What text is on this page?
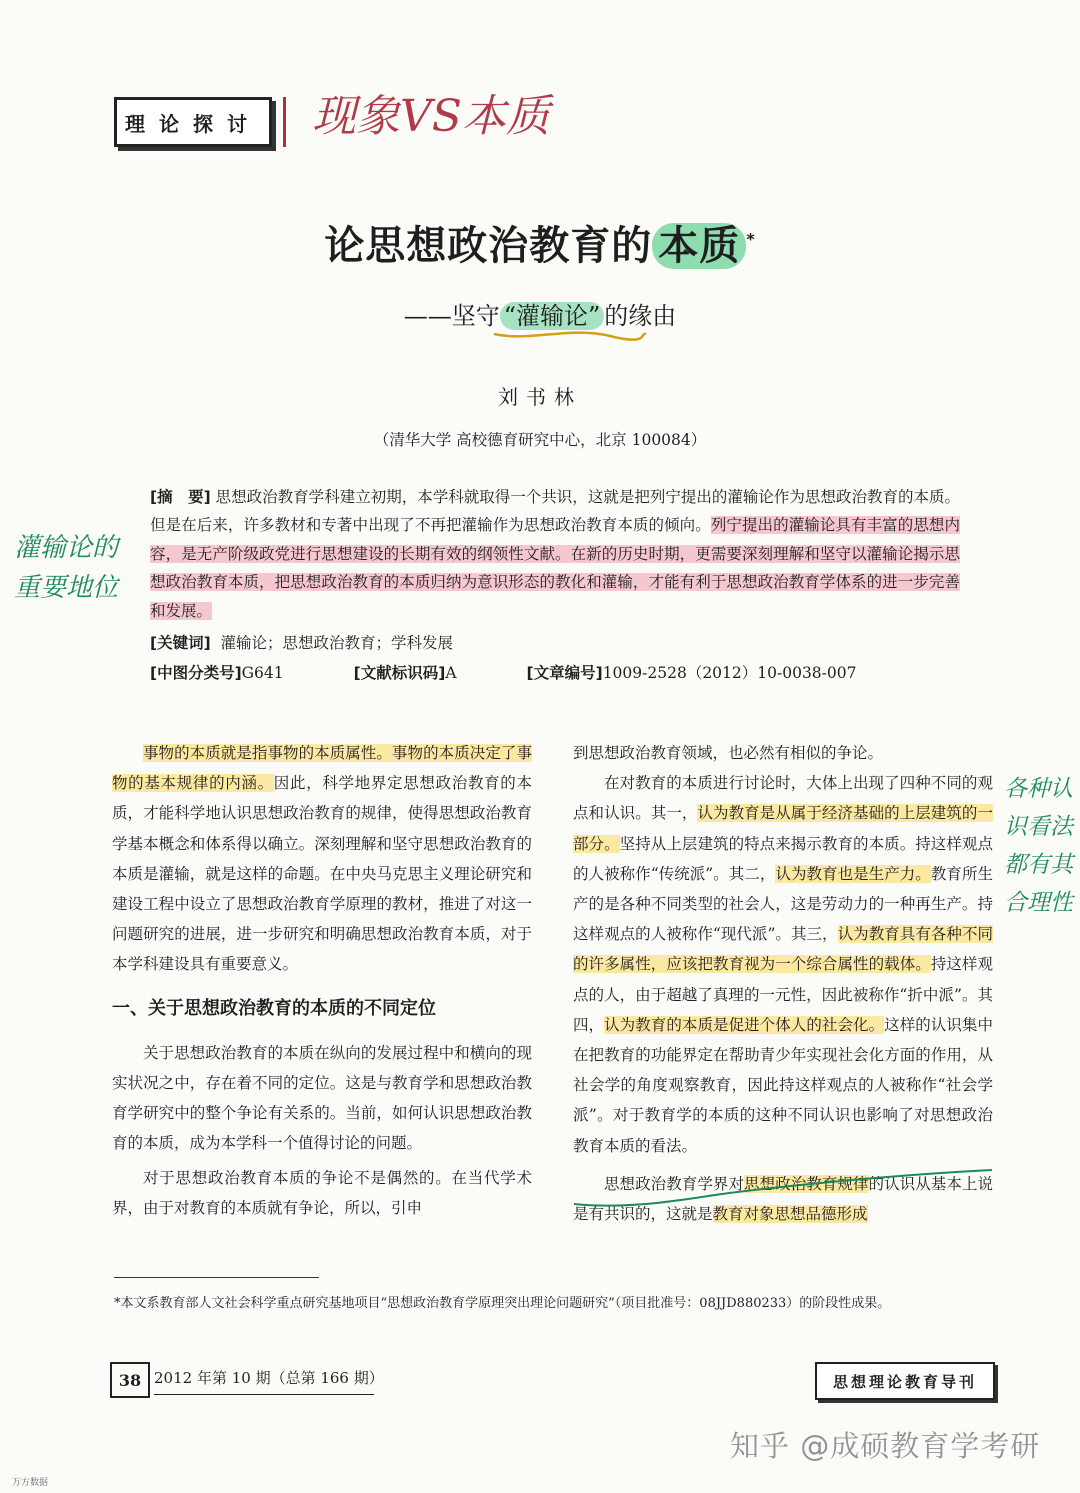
理论探讨 现象VS本质
论思想政治教育的 本质 *
——坚守 “灌输论” 的缘由
刘书林
（清华大学 高校德育研究中心，北京 100084）
灌输论的
重要地位
[摘　要] 思想政治教育学科建立初期，本学科就取得一个共识，这就是把列宁提出的灌输论作为思想政治教育的本质。但是在后来，许多教材和专著中出现了不再把灌输作为思想政治教育本质的倾向。列宁提出的灌输论具有丰富的思想内容，是无产阶级政党进行思想建设的长期有效的纲领性文献。在新的历史时期，更需要深刻理解和坚守以灌输论揭示思想政治教育本质，把思想政治教育的本质归纳为意识形态的教化和灌输，才能有利于思想政治教育学体系的进一步完善和发展。
[关键词] 灌输论；思想政治教育；学科发展
[中图分类号]G641	[文献标识码]A	[文章编号]1009-2528（2012）10-0038-007

事物的本质就是指事物的本质属性。事物的本质决定了事物的基本规律的内涵。因此，科学地界定思想政治教育的本质，才能科学地认识思想政治教育的规律，使得思想政治教育学基本概念和体系得以确立。深刻理解和坚守思想政治教育的本质是灌输，就是这样的命题。在中央马克思主义理论研究和建设工程中设立了思想政治教育学原理的教材，推进了对这一问题研究的进展，进一步研究和明确思想政治教育本质，对于本学科建设具有重要意义。

一、关于思想政治教育的本质的不同定位

关于思想政治教育的本质在纵向的发展过程中和横向的现实状况之中，存在着不同的定位。这是与教育学和思想政治教育学研究中的整个争论有关系的。当前，如何认识思想政治教育的本质，成为本学科一个值得讨论的问题。

对于思想政治教育本质的争论不是偶然的。在当代学术界，由于对教育的本质就有争论，所以，引申

到思想政治教育领域，也必然有相似的争论。

在对教育的本质进行讨论时，大体上出现了四种不同的观点和认识。其一，认为教育是从属于经济基础的上层建筑的一部分。坚持从上层建筑的特点来揭示教育的本质。持这样观点的人被称作“传统派”。其二，认为教育也是生产力。教育所生产的是各种不同类型的社会人，这是劳动力的一种再生产。持这样观点的人被称作“现代派”。其三，认为教育具有各种不同的许多属性，应该把教育视为一个综合属性的载体。持这样观点的人，由于超越了真理的一元性，因此被称作“折中派”。其四，认为教育的本质是促进个体人的社会化。这样的认识集中在把教育的功能界定在帮助青少年实现社会化方面的作用，从社会学的角度观察教育，因此持这样观点的人被称作“社会学派”。对于教育学的本质的这种不同认识也影响了对思想政治教育本质的看法。

思想政治教育学界对思想政治教育规律的认识从基本上说是有共识的，这就是教育对象思想品德形成

各种认
识看法
都有其
合理性
*本文系教育部人文社会科学重点研究基地项目“思想政治教育学原理突出理论问题研究”（项目批准号：08JJD880233）的阶段性成果。
38 2012 年第 10 期（总第 166 期）	思想理论教育导刊
知乎 @成硕教育学考研
万方数据
